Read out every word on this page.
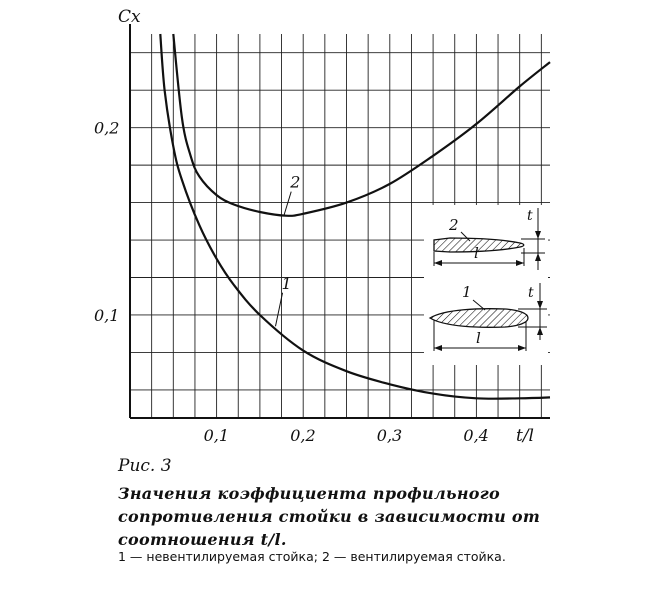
2
l
t
1
l
t
2
1
0,1	0,2	0,3	0,4
0,1
0,2
Cx
t/l
Рис. 3
Значения коэффициента профильного сопротивления стойки в зависимости от соотношения t/l.
1 — невентилируемая стойка; 2 — вентилируемая стойка.
